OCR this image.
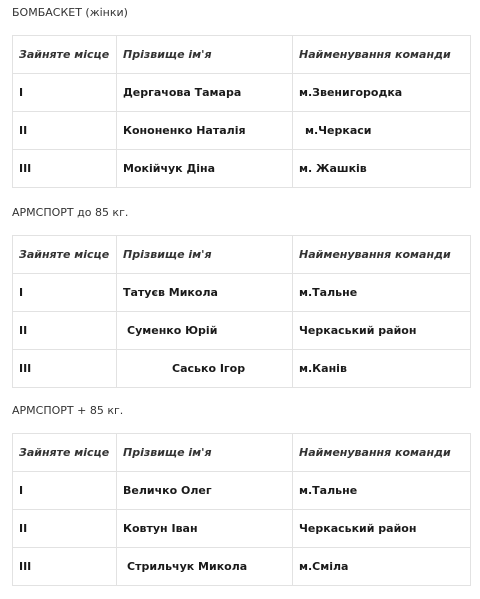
БОМБАСКЕТ (жінки)
Зайняте місце	Прізвище ім'я	Найменування команди
І	Дергачова Тамара	м.Звенигородка
ІІ	Кононенко Наталія	м.Черкаси
ІІІ	Мокійчук Діна	м. Жашків
АРМСПОРТ до 85 кг.
Зайняте місце	Прізвище ім'я	Найменування команди
І	Татуєв Микола	м.Тальне
ІІ	Суменко Юрій	Черкаський район
ІІІ	Сасько Ігор	м.Канів
АРМСПОРТ + 85 кг.
Зайняте місце	Прізвище ім'я	Найменування команди
І	Величко Олег	м.Тальне
ІІ	Ковтун Іван	Черкаський район
ІІІ	Стрильчук Микола	м.Сміла
